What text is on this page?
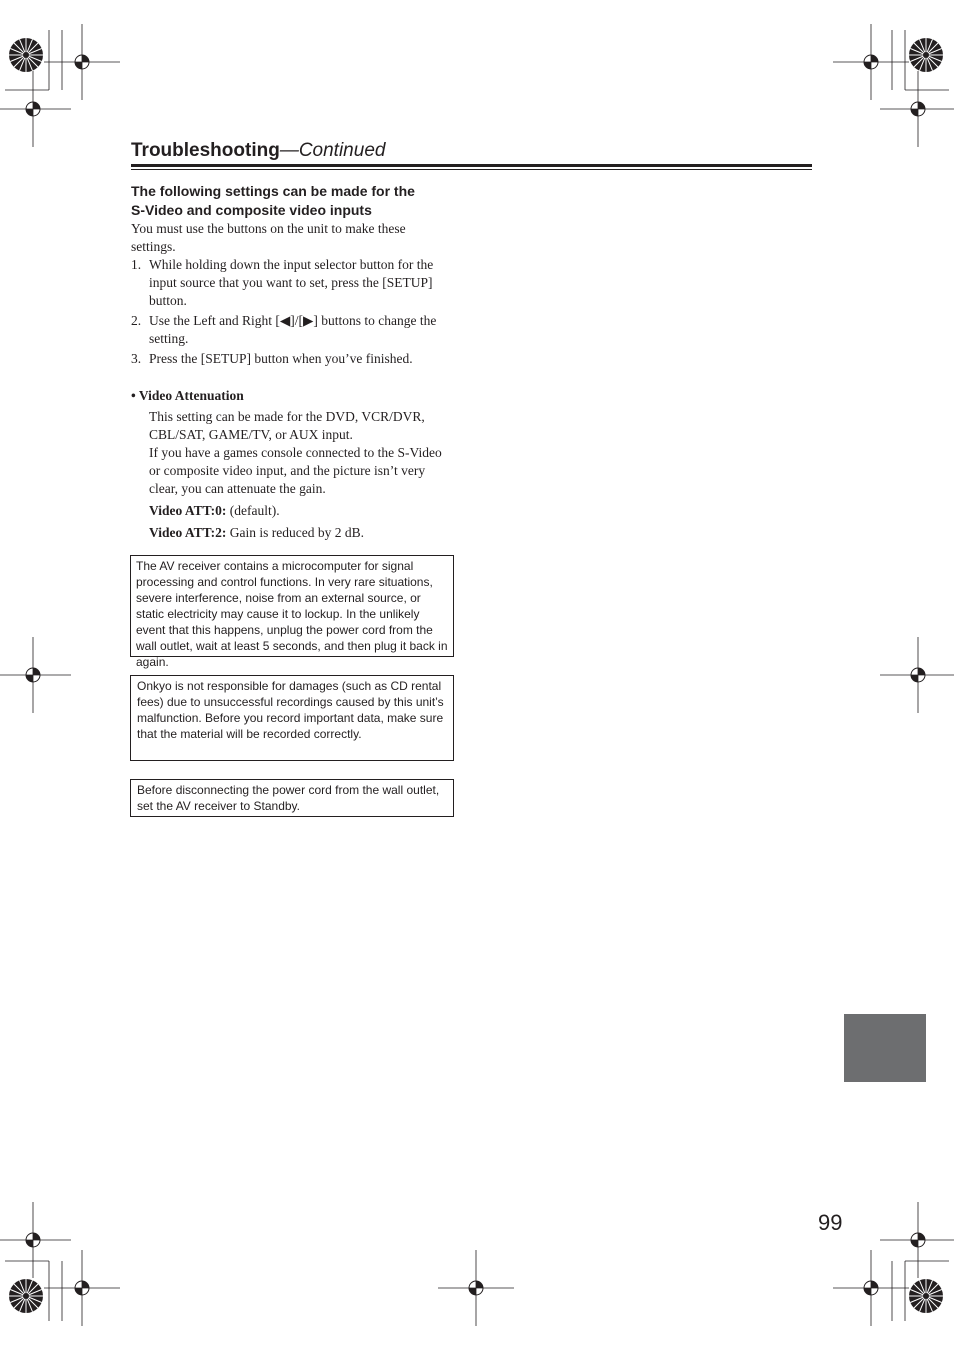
Troubleshooting—Continued
The following settings can be made for the
S-Video and composite video inputs

You must use the buttons on the unit to make these settings.

1. While holding down the input selector button for the input source that you want to set, press the [SETUP] button.
2. Use the Left and Right [◀]/[▶] buttons to change the setting.
3. Press the [SETUP] button when you’ve finished.

• Video Attenuation

This setting can be made for the DVD, VCR/DVR, CBL/SAT, GAME/TV, or AUX input.

If you have a games console connected to the S-Video or composite video input, and the picture isn’t very clear, you can attenuate the gain.

Video ATT:0: (default).

Video ATT:2: Gain is reduced by 2 dB.

The AV receiver contains a microcomputer for signal processing and control functions. In very rare situations, severe interference, noise from an external source, or static electricity may cause it to lockup. In the unlikely event that this happens, unplug the power cord from the wall outlet, wait at least 5 seconds, and then plug it back in again.
Onkyo is not responsible for damages (such as CD rental fees) due to unsuccessful recordings caused by this unit’s malfunction. Before you record important data, make sure that the material will be recorded correctly.
Before disconnecting the power cord from the wall outlet, set the AV receiver to Standby.
99
